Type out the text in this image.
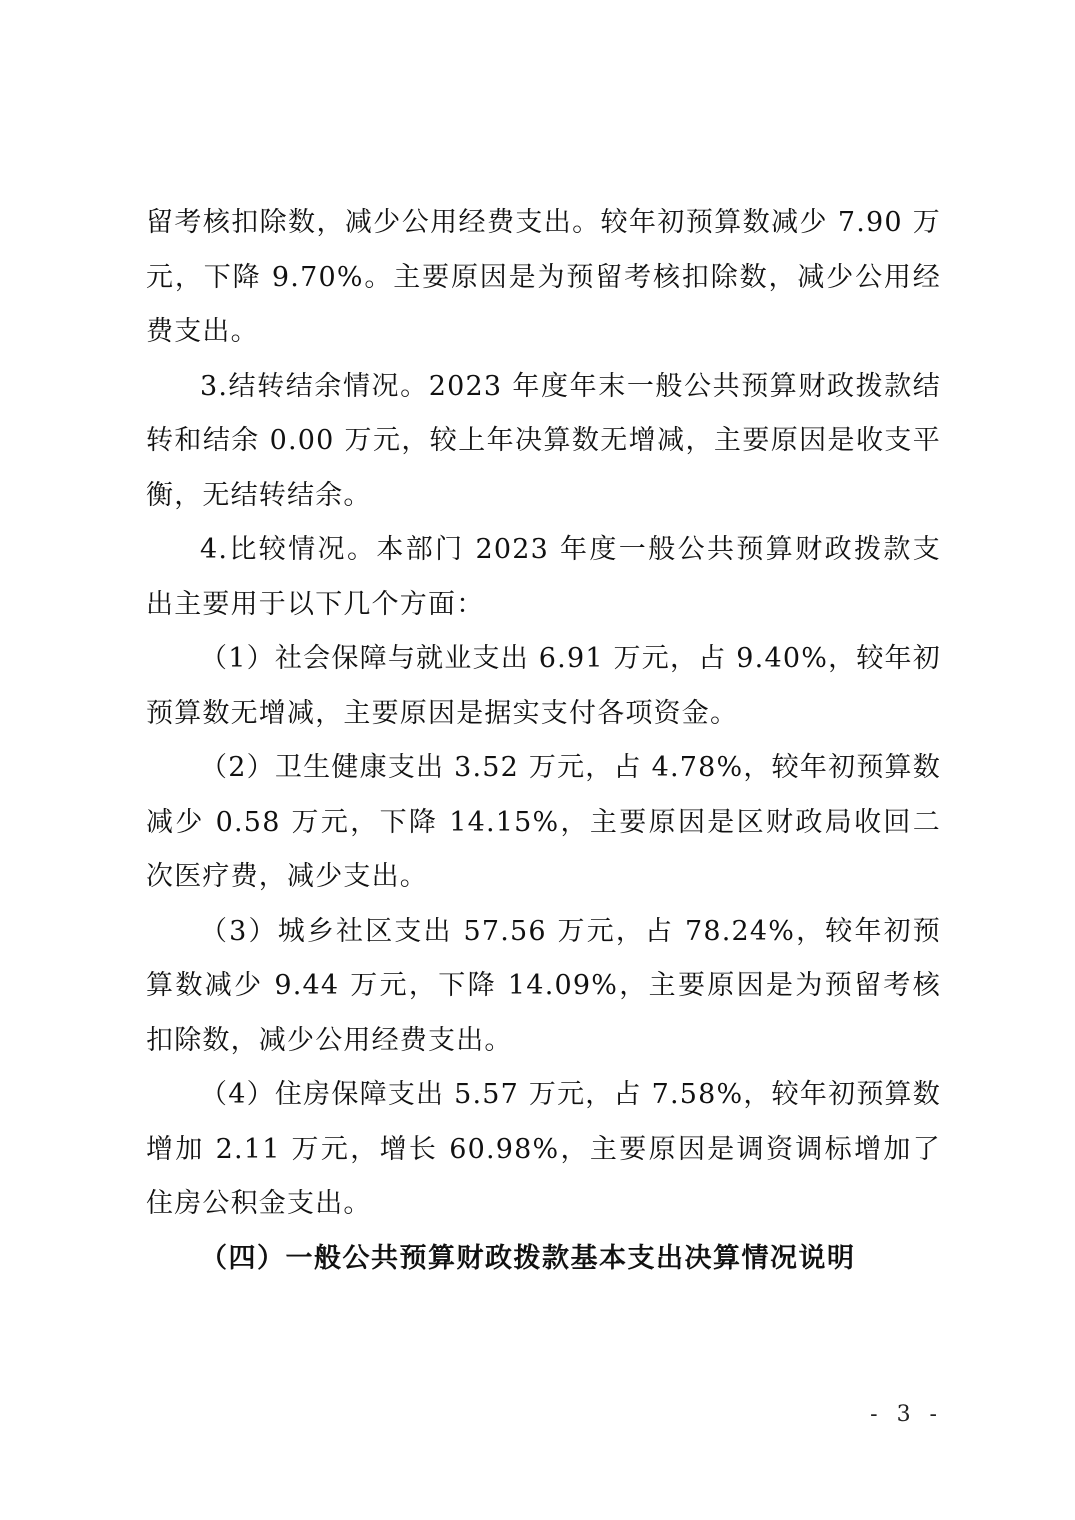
留考核扣除数，减少公用经费支出。较年初预算数减少 7.90 万元，下降 9.70%。主要原因是为预留考核扣除数，减少公用经费支出。

3.结转结余情况。2023 年度年末一般公共预算财政拨款结转和结余 0.00 万元，较上年决算数无增减，主要原因是收支平衡，无结转结余。

4.比较情况。本部门 2023 年度一般公共预算财政拨款支出主要用于以下几个方面：

（1）社会保障与就业支出 6.91 万元，占 9.40%，较年初预算数无增减，主要原因是据实支付各项资金。

（2）卫生健康支出 3.52 万元，占 4.78%，较年初预算数减少 0.58 万元，下降 14.15%，主要原因是区财政局收回二次医疗费，减少支出。

（3）城乡社区支出 57.56 万元，占 78.24%，较年初预算数减少 9.44 万元，下降 14.09%，主要原因是为预留考核扣除数，减少公用经费支出。

（4）住房保障支出 5.57 万元，占 7.58%，较年初预算数增加 2.11 万元，增长 60.98%，主要原因是调资调标增加了住房公积金支出。

（四）一般公共预算财政拨款基本支出决算情况说明

- 3 -
